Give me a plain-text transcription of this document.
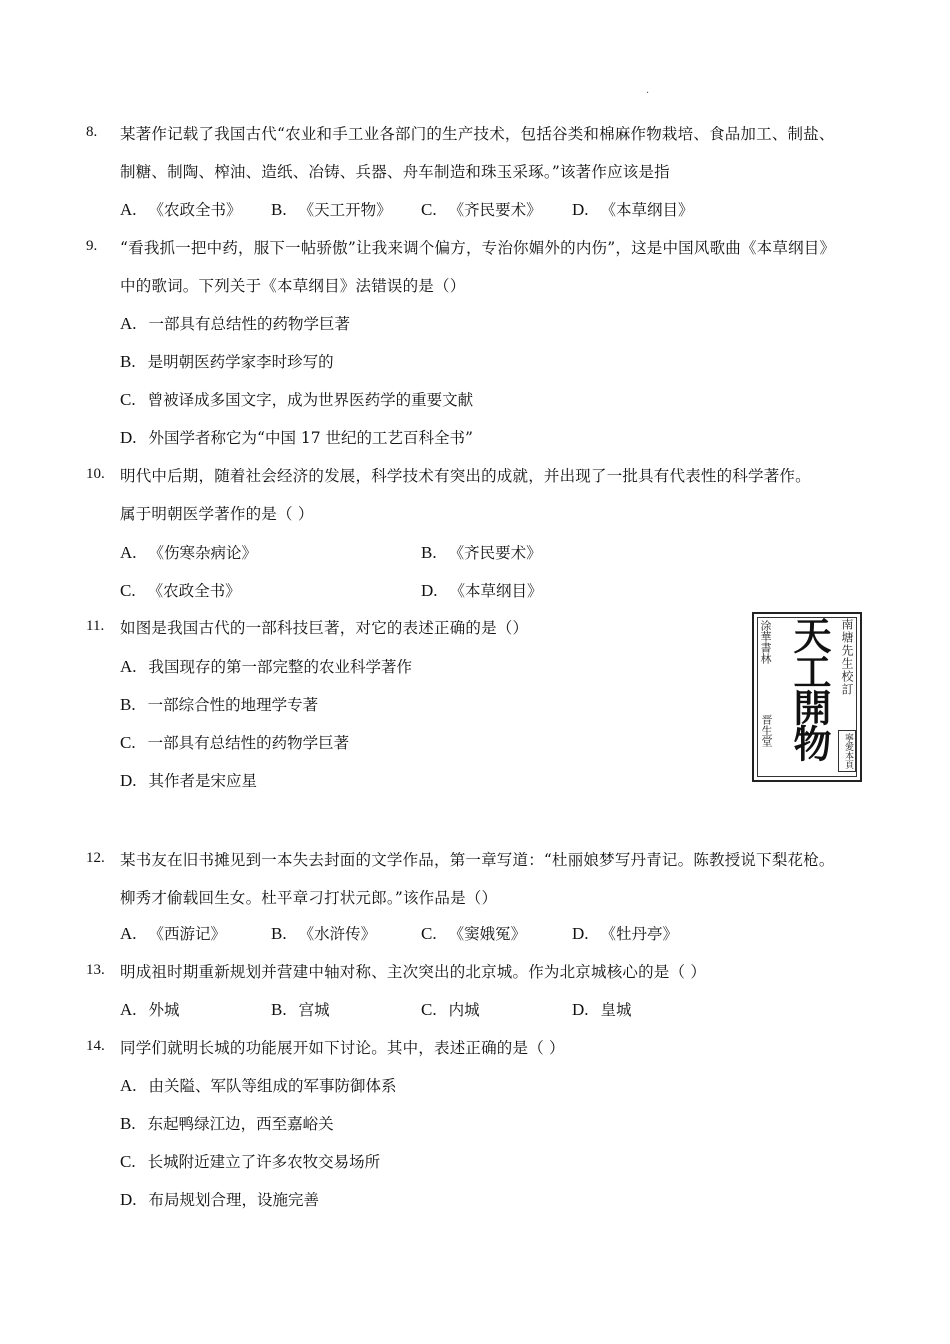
·
8. 某著作记载了我国古代“农业和手工业各部门的生产技术，包括谷类和棉麻作物栽培、食品加工、制盐、
制糖、制陶、榨油、造纸、冶铸、兵器、舟车制造和珠玉采琢。”该著作应该是指
A. 《农政全书》 B. 《天工开物》 C. 《齐民要术》 D. 《本草纲目》
9. “看我抓一把中药，服下一帖骄傲”让我来调个偏方，专治你媚外的内伤”，这是中国风歌曲《本草纲目》
中的歌词。下列关于《本草纲目》法错误的是（）
A. 一部具有总结性的药物学巨著
B. 是明朝医药学家李时珍写的
C. 曾被译成多国文字，成为世界医药学的重要文献
D. 外国学者称它为“中国 17 世纪的工艺百科全书”
10. 明代中后期，随着社会经济的发展，科学技术有突出的成就，并出现了一批具有代表性的科学著作。
属于明朝医学著作的是（ ）
A. 《伤寒杂病论》	B. 《齐民要术》
C. 《农政全书》	D. 《本草纲目》
11. 如图是我国古代的一部科技巨著，对它的表述正确的是（）
A. 我国现存的第一部完整的农业科学著作
B. 一部综合性的地理学专著
C. 一部具有总结性的药物学巨著
D. 其作者是宋应星
南塘先生校訂
涂華書林
晋生堂 天工開物	寧愛本頁
12. 某书友在旧书摊见到一本失去封面的文学作品，第一章写道：“杜丽娘梦写丹青记。陈教授说下梨花枪。
柳秀才偷载回生女。杜平章刁打状元郎。”该作品是（）
A. 《西游记》	B. 《水浒传》	C. 《窦娥冤》	D. 《牡丹亭》
13. 明成祖时期重新规划并营建中轴对称、主次突出的北京城。作为北京城核心的是（ ）
A. 外城	B. 宫城	C. 内城	D. 皇城
14. 同学们就明长城的功能展开如下讨论。其中，表述正确的是（ ）
A. 由关隘、军队等组成的军事防御体系
B. 东起鸭绿江边，西至嘉峪关
C. 长城附近建立了许多农牧交易场所
D. 布局规划合理，设施完善
